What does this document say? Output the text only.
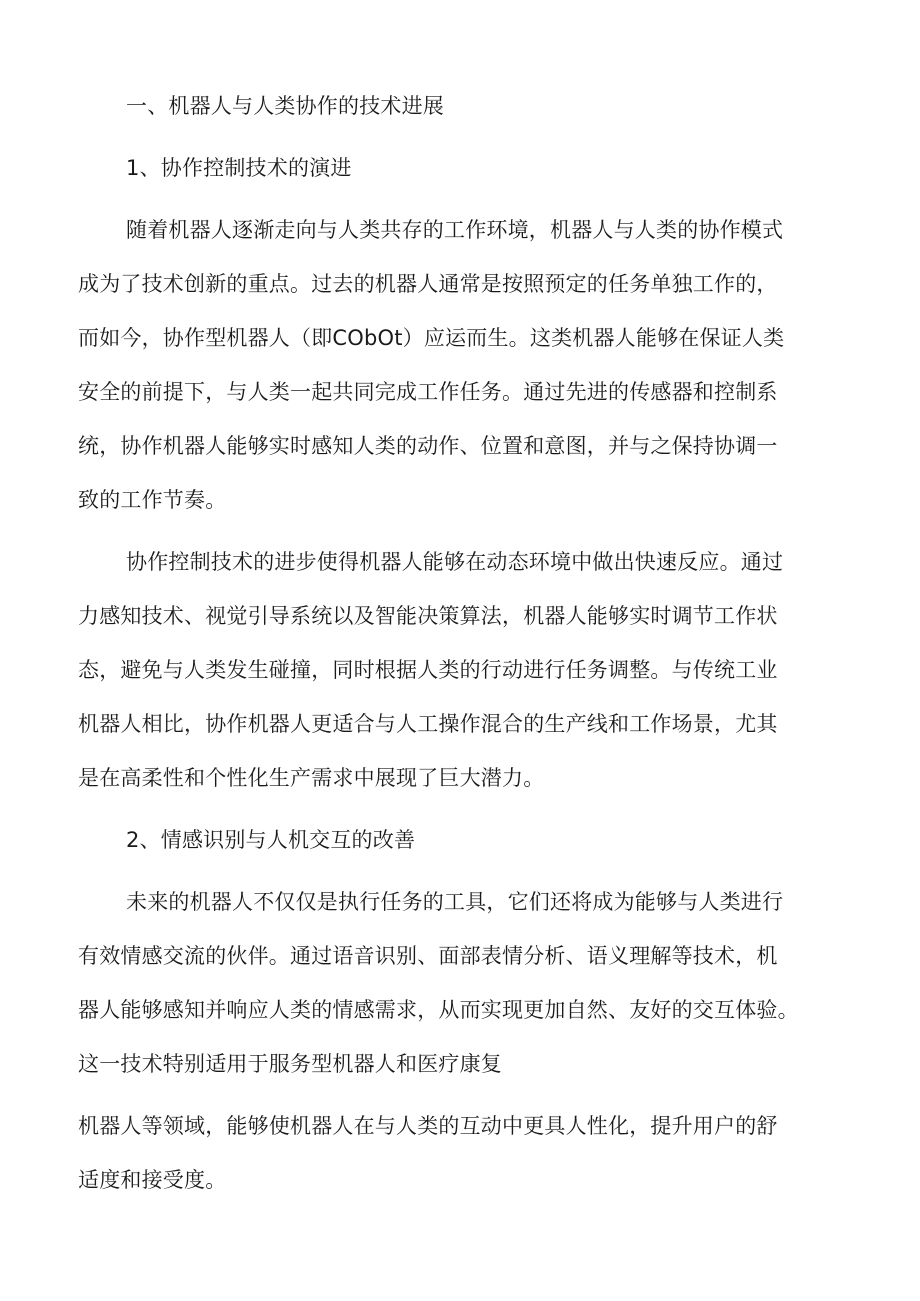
一、机器人与人类协作的技术进展
1、协作控制技术的演进
随着机器人逐渐走向与人类共存的工作环境，机器人与人类的协作模式
成为了技术创新的重点。过去的机器人通常是按照预定的任务单独工作的，
而如今，协作型机器人（即CObOt）应运而生。这类机器人能够在保证人类
安全的前提下，与人类一起共同完成工作任务。通过先进的传感器和控制系
统，协作机器人能够实时感知人类的动作、位置和意图，并与之保持协调一
致的工作节奏。
协作控制技术的进步使得机器人能够在动态环境中做出快速反应。通过
力感知技术、视觉引导系统以及智能决策算法，机器人能够实时调节工作状
态，避免与人类发生碰撞，同时根据人类的行动进行任务调整。与传统工业
机器人相比，协作机器人更适合与人工操作混合的生产线和工作场景，尤其
是在高柔性和个性化生产需求中展现了巨大潜力。
2、情感识别与人机交互的改善
未来的机器人不仅仅是执行任务的工具，它们还将成为能够与人类进行
有效情感交流的伙伴。通过语音识别、面部表情分析、语义理解等技术，机
器人能够感知并响应人类的情感需求，从而实现更加自然、友好的交互体验。
这一技术特别适用于服务型机器人和医疗康复
机器人等领域，能够使机器人在与人类的互动中更具人性化，提升用户的舒
适度和接受度。
